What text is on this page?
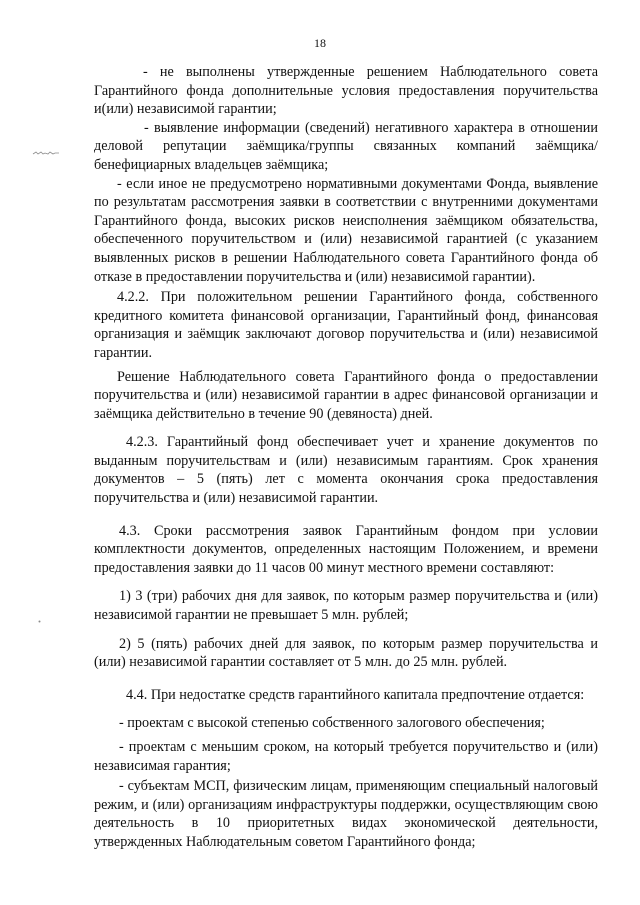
18

- не выполнены утвержденные решением Наблюдательного совета Гарантийного фонда дополнительные условия предоставления поручительства и(или) независимой гарантии;

- выявление информации (сведений) негативного характера в отношении деловой репутации заёмщика/группы связанных компаний заёмщика/бенефициарных владельцев заёмщика;

- если иное не предусмотрено нормативными документами Фонда, выявление по результатам рассмотрения заявки в соответствии с внутренними документами Гарантийного фонда, высоких рисков неисполнения заёмщиком обязательства, обеспеченного поручительством и (или) независимой гарантией (с указанием выявленных рисков в решении Наблюдательного совета Гарантийного фонда об отказе в предоставлении поручительства и (или) независимой гарантии).

4.2.2. При положительном решении Гарантийного фонда, собственного кредитного комитета финансовой организации, Гарантийный фонд, финансовая организация и заёмщик заключают договор поручительства и (или) независимой гарантии.

Решение Наблюдательного совета Гарантийного фонда о предоставлении поручительства и (или) независимой гарантии в адрес финансовой организации и заёмщика действительно в течение 90 (девяноста) дней.

4.2.3. Гарантийный фонд обеспечивает учет и хранение документов по выданным поручительствам и (или) независимым гарантиям. Срок хранения документов – 5 (пять) лет с момента окончания срока предоставления поручительства и (или) независимой гарантии.

4.3. Сроки рассмотрения заявок Гарантийным фондом при условии комплектности документов, определенных настоящим Положением, и времени предоставления заявки до 11 часов 00 минут местного времени составляют:

1) 3 (три) рабочих дня для заявок, по которым размер поручительства и (или) независимой гарантии не превышает 5 млн. рублей;

2) 5 (пять) рабочих дней для заявок, по которым размер поручительства и (или) независимой гарантии составляет от 5 млн. до 25 млн. рублей.

4.4. При недостатке средств гарантийного капитала предпочтение отдается:

- проектам с высокой степенью собственного залогового обеспечения;

- проектам с меньшим сроком, на который требуется поручительство и (или) независимая гарантия;

- субъектам МСП, физическим лицам, применяющим специальный налоговый режим, и (или) организациям инфраструктуры поддержки, осуществляющим свою деятельность в 10 приоритетных видах экономической деятельности, утвержденных Наблюдательным советом Гарантийного фонда;
